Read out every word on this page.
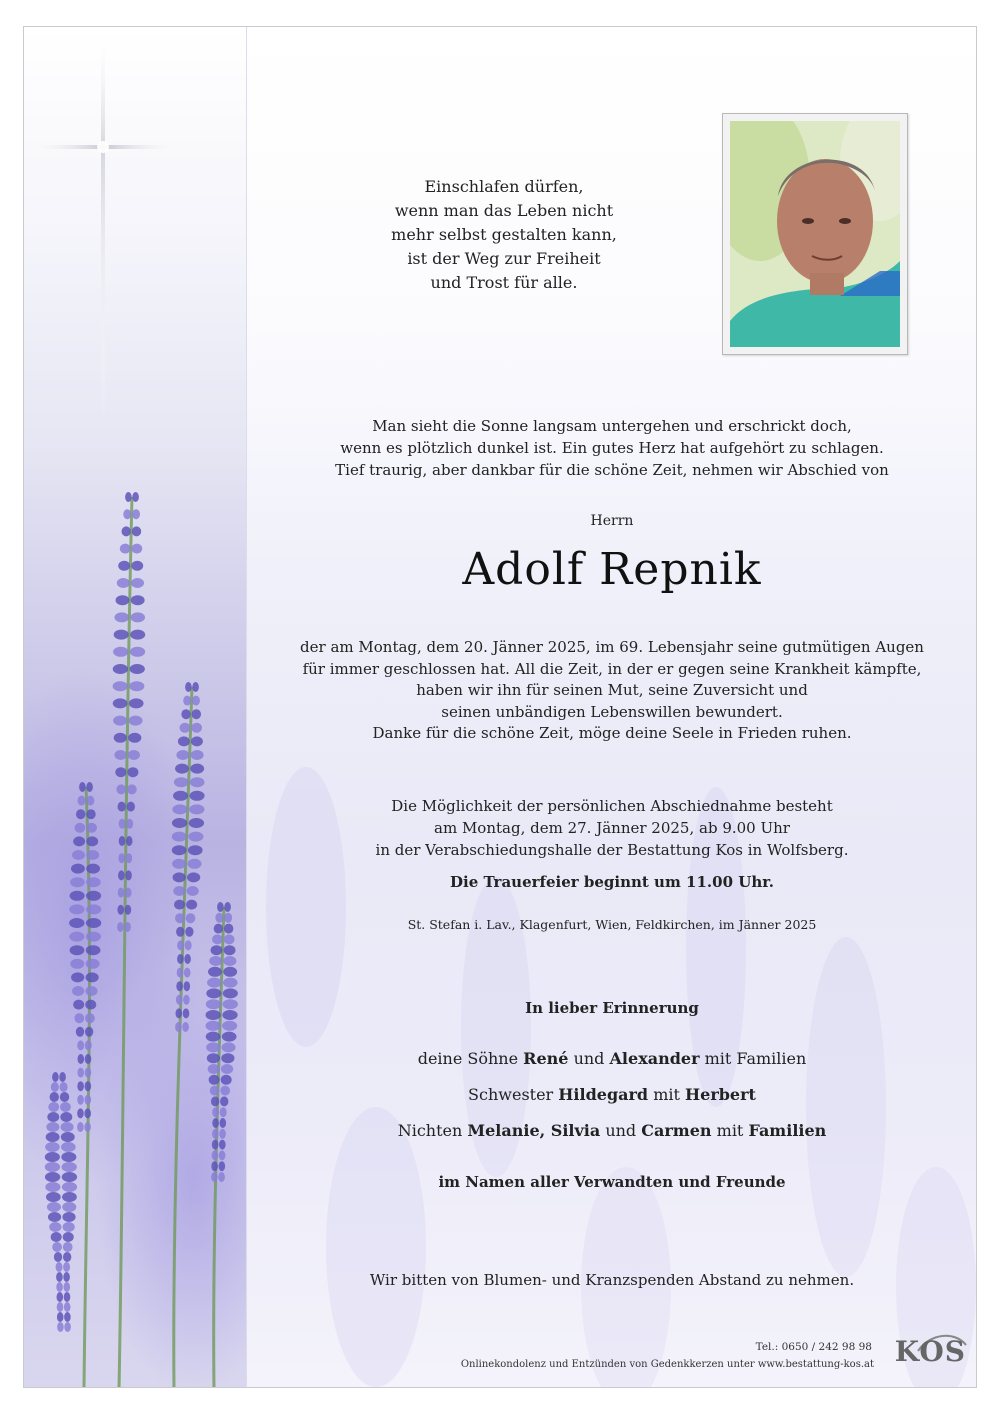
Einschlafen dürfen,
wenn man das Leben nicht
mehr selbst gestalten kann,
ist der Weg zur Freiheit
und Trost für alle.
Man sieht die Sonne langsam untergehen und erschrickt doch,
wenn es plötzlich dunkel ist. Ein gutes Herz hat aufgehört zu schlagen.
Tief traurig, aber dankbar für die schöne Zeit, nehmen wir Abschied von
Herrn
Adolf Repnik
der am Montag, dem 20. Jänner 2025, im 69. Lebensjahr seine gutmütigen Augen
für immer geschlossen hat. All die Zeit, in der er gegen seine Krankheit kämpfte,
haben wir ihn für seinen Mut, seine Zuversicht und
seinen unbändigen Lebenswillen bewundert.
Danke für die schöne Zeit, möge deine Seele in Frieden ruhen.
Die Möglichkeit der persönlichen Abschiednahme besteht
am Montag, dem 27. Jänner 2025, ab 9.00 Uhr
in der Verabschiedungshalle der Bestattung Kos in Wolfsberg.
Die Trauerfeier beginnt um 11.00 Uhr.
St. Stefan i. Lav., Klagenfurt, Wien, Feldkirchen, im Jänner 2025
In lieber Erinnerung
deine Söhne René und Alexander mit Familien
Schwester Hildegard mit Herbert
Nichten Melanie, Silvia und Carmen mit Familien
im Namen aller Verwandten und Freunde
Wir bitten von Blumen- und Kranzspenden Abstand zu nehmen.
Tel.: 0650 / 242 98 98
Onlinekondolenz und Entzünden von Gedenkkerzen unter www.bestattung-kos.at KOS
